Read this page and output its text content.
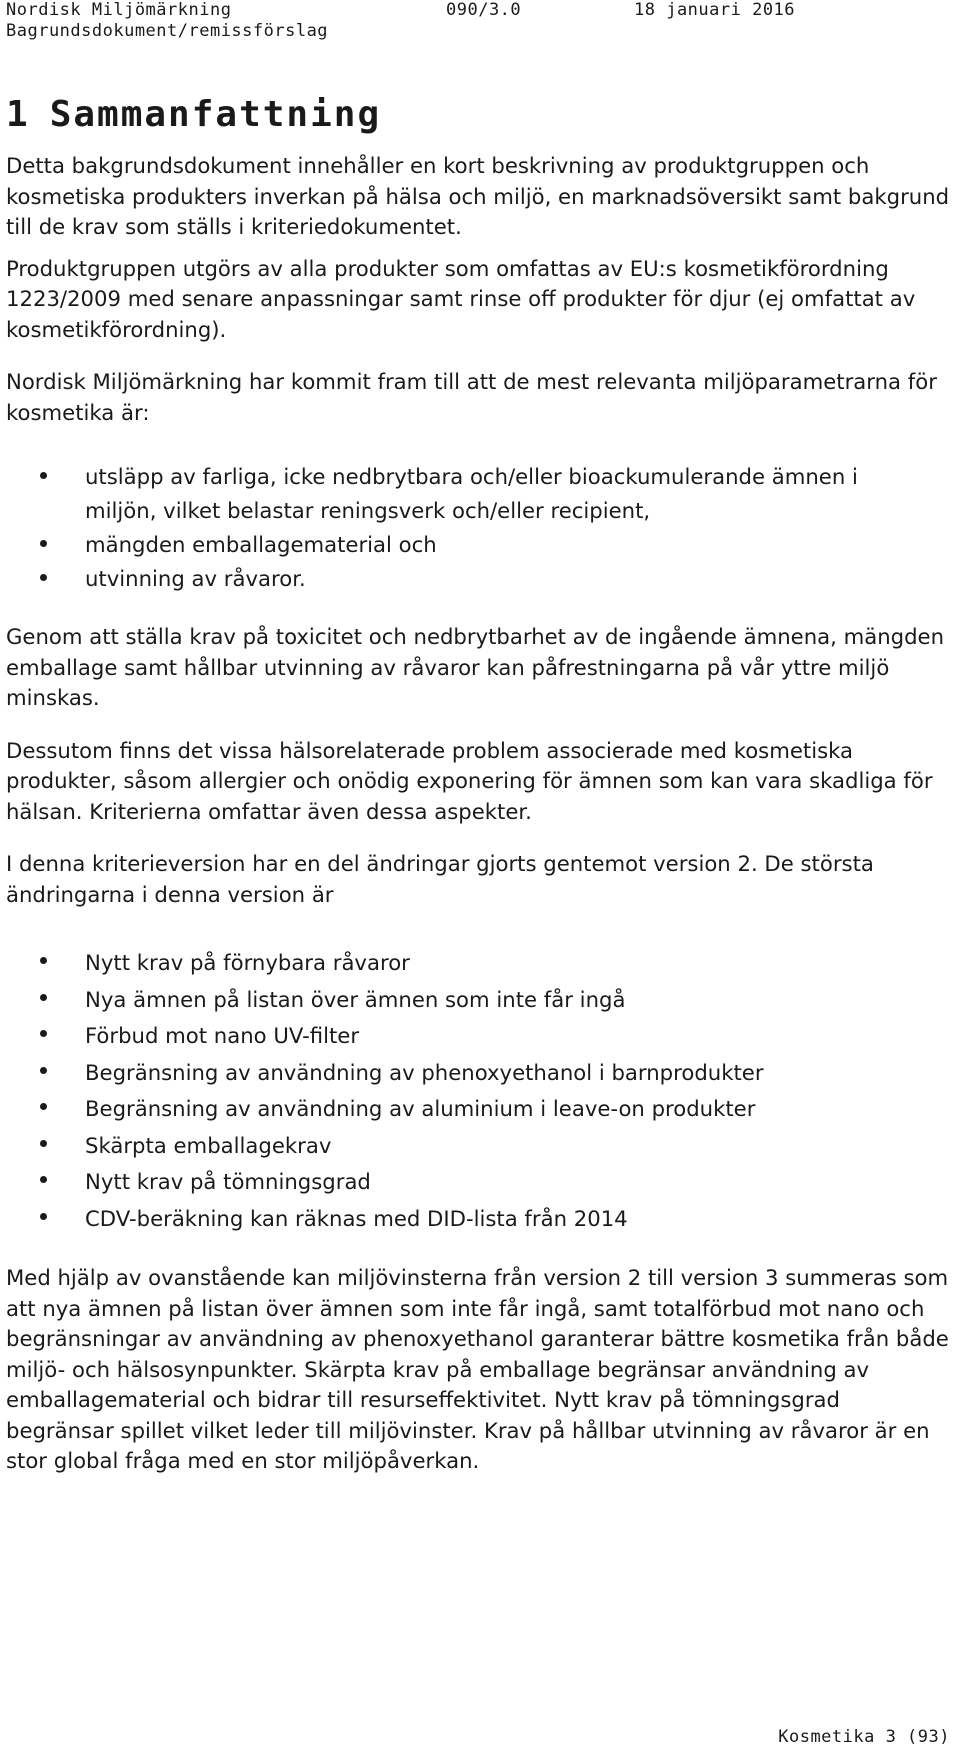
Nordisk Miljömärkning	090/3.0	18 januari 2016
Bagrundsdokument/remissförslag
1 Sammanfattning

Detta bakgrundsdokument innehåller en kort beskrivning av produktgruppen och kosmetiska produkters inverkan på hälsa och miljö, en marknadsöversikt samt bakgrund till de krav som ställs i kriteriedokumentet.

Produktgruppen utgörs av alla produkter som omfattas av EU:s kosmetikförordning 1223/2009 med senare anpassningar samt rinse off produkter för djur (ej omfattat av kosmetikförordning).

Nordisk Miljömärkning har kommit fram till att de mest relevanta miljöparametrarna för kosmetika är:

utsläpp av farliga, icke nedbrytbara och/eller bioackumulerande ämnen i miljön, vilket belastar reningsverk och/eller recipient,
mängden emballagematerial och
utvinning av råvaror.

Genom att ställa krav på toxicitet och nedbrytbarhet av de ingående ämnena, mängden emballage samt hållbar utvinning av råvaror kan påfrestningarna på vår yttre miljö minskas.

Dessutom finns det vissa hälsorelaterade problem associerade med kosmetiska produkter, såsom allergier och onödig exponering för ämnen som kan vara skadliga för hälsan. Kriterierna omfattar även dessa aspekter.

I denna kriterieversion har en del ändringar gjorts gentemot version 2. De största ändringarna i denna version är

Nytt krav på förnybara råvaror
Nya ämnen på listan över ämnen som inte får ingå
Förbud mot nano UV-filter
Begränsning av användning av phenoxyethanol i barnprodukter
Begränsning av användning av aluminium i leave-on produkter
Skärpta emballagekrav
Nytt krav på tömningsgrad
CDV-beräkning kan räknas med DID-lista från 2014

Med hjälp av ovanstående kan miljövinsterna från version 2 till version 3 summeras som att nya ämnen på listan över ämnen som inte får ingå, samt totalförbud mot nano och begränsningar av användning av phenoxyethanol garanterar bättre kosmetika från både miljö- och hälsosynpunkter. Skärpta krav på emballage begränsar användning av emballagematerial och bidrar till resurseffektivitet. Nytt krav på tömningsgrad begränsar spillet vilket leder till miljövinster. Krav på hållbar utvinning av råvaror är en stor global fråga med en stor miljöpåverkan.

Kosmetika 3 (93)
